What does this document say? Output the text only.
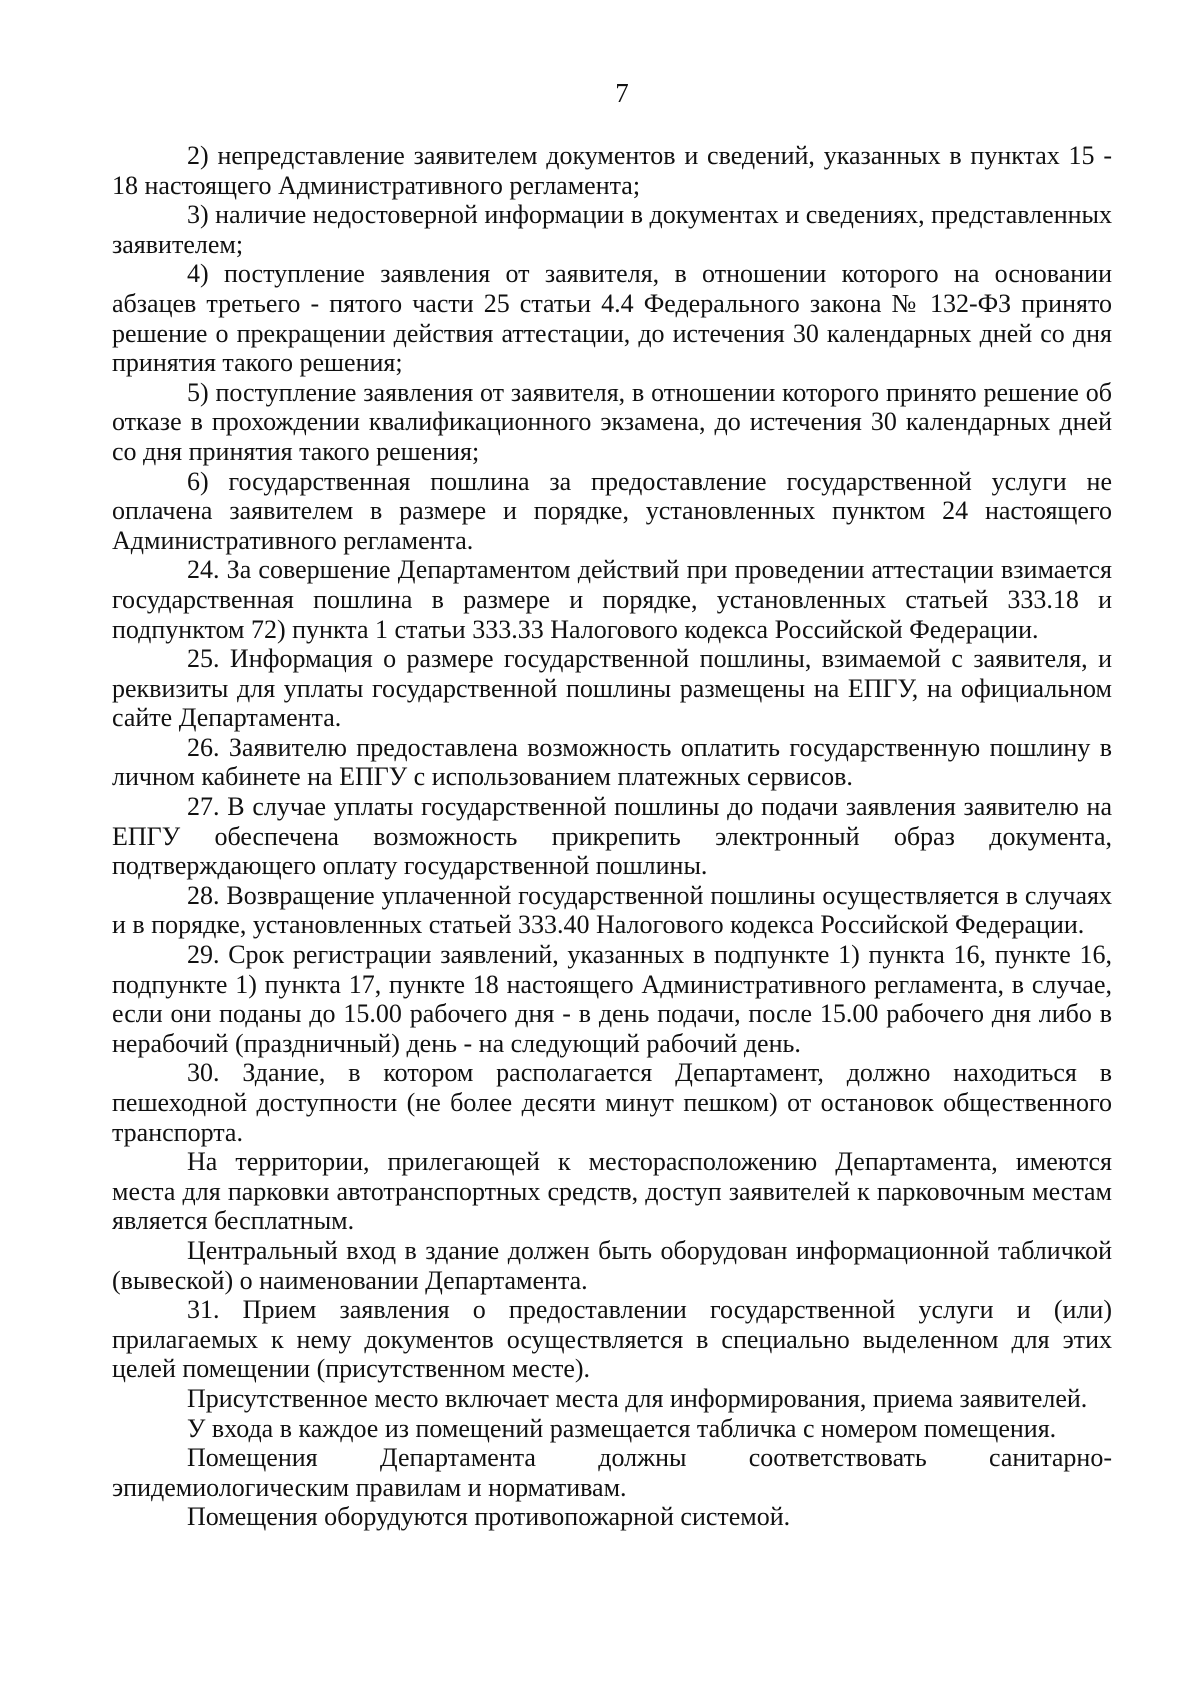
7

2) непредставление заявителем документов и сведений, указанных в пунктах 15 - 18 настоящего Административного регламента;

3) наличие недостоверной информации в документах и сведениях, представленных заявителем;

4) поступление заявления от заявителя, в отношении которого на основании абзацев третьего - пятого части 25 статьи 4.4 Федерального закона № 132-ФЗ принято решение о прекращении действия аттестации, до истечения 30 календарных дней со дня принятия такого решения;

5) поступление заявления от заявителя, в отношении которого принято решение об отказе в прохождении квалификационного экзамена, до истечения 30 календарных дней со дня принятия такого решения;

6) государственная пошлина за предоставление государственной услуги не оплачена заявителем в размере и порядке, установленных пунктом 24 настоящего Административного регламента.

24. За совершение Департаментом действий при проведении аттестации взимается государственная пошлина в размере и порядке, установленных статьей 333.18 и подпунктом 72) пункта 1 статьи 333.33 Налогового кодекса Российской Федерации.

25. Информация о размере государственной пошлины, взимаемой с заявителя, и реквизиты для уплаты государственной пошлины размещены на ЕПГУ, на официальном сайте Департамента.

26. Заявителю предоставлена возможность оплатить государственную пошлину в личном кабинете на ЕПГУ с использованием платежных сервисов.

27. В случае уплаты государственной пошлины до подачи заявления заявителю на ЕПГУ обеспечена возможность прикрепить электронный образ документа, подтверждающего оплату государственной пошлины.

28. Возвращение уплаченной государственной пошлины осуществляется в случаях и в порядке, установленных статьей 333.40 Налогового кодекса Российской Федерации.

29. Срок регистрации заявлений, указанных в подпункте 1) пункта 16, пункте 16, подпункте 1) пункта 17, пункте 18 настоящего Административного регламента, в случае, если они поданы до 15.00 рабочего дня - в день подачи, после 15.00 рабочего дня либо в нерабочий (праздничный) день - на следующий рабочий день.

30. Здание, в котором располагается Департамент, должно находиться в пешеходной доступности (не более десяти минут пешком) от остановок общественного транспорта.

На территории, прилегающей к месторасположению Департамента, имеются места для парковки автотранспортных средств, доступ заявителей к парковочным местам является бесплатным.

Центральный вход в здание должен быть оборудован информационной табличкой (вывеской) о наименовании Департамента.

31. Прием заявления о предоставлении государственной услуги и (или) прилагаемых к нему документов осуществляется в специально выделенном для этих целей помещении (присутственном месте).

Присутственное место включает места для информирования, приема заявителей.

У входа в каждое из помещений размещается табличка с номером помещения.

Помещения Департамента должны соответствовать санитарно-эпидемиологическим правилам и нормативам.

Помещения оборудуются противопожарной системой.
